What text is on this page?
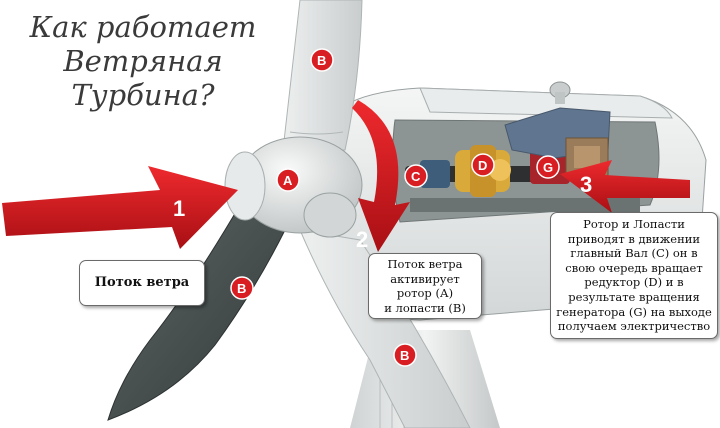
1
2
3
A
B
B
B
C
D	G
Как работает
Ветряная
Турбина?
Поток ветра
Поток ветра
активирует
ротор (А)
и лопасти (В)
Ротор и Лопасти
приводят в движении
главный Вал (С) он в
свою очередь вращает
редуктор (D) и в
результате вращения
генератора (G) на выходе
получаем электричество
